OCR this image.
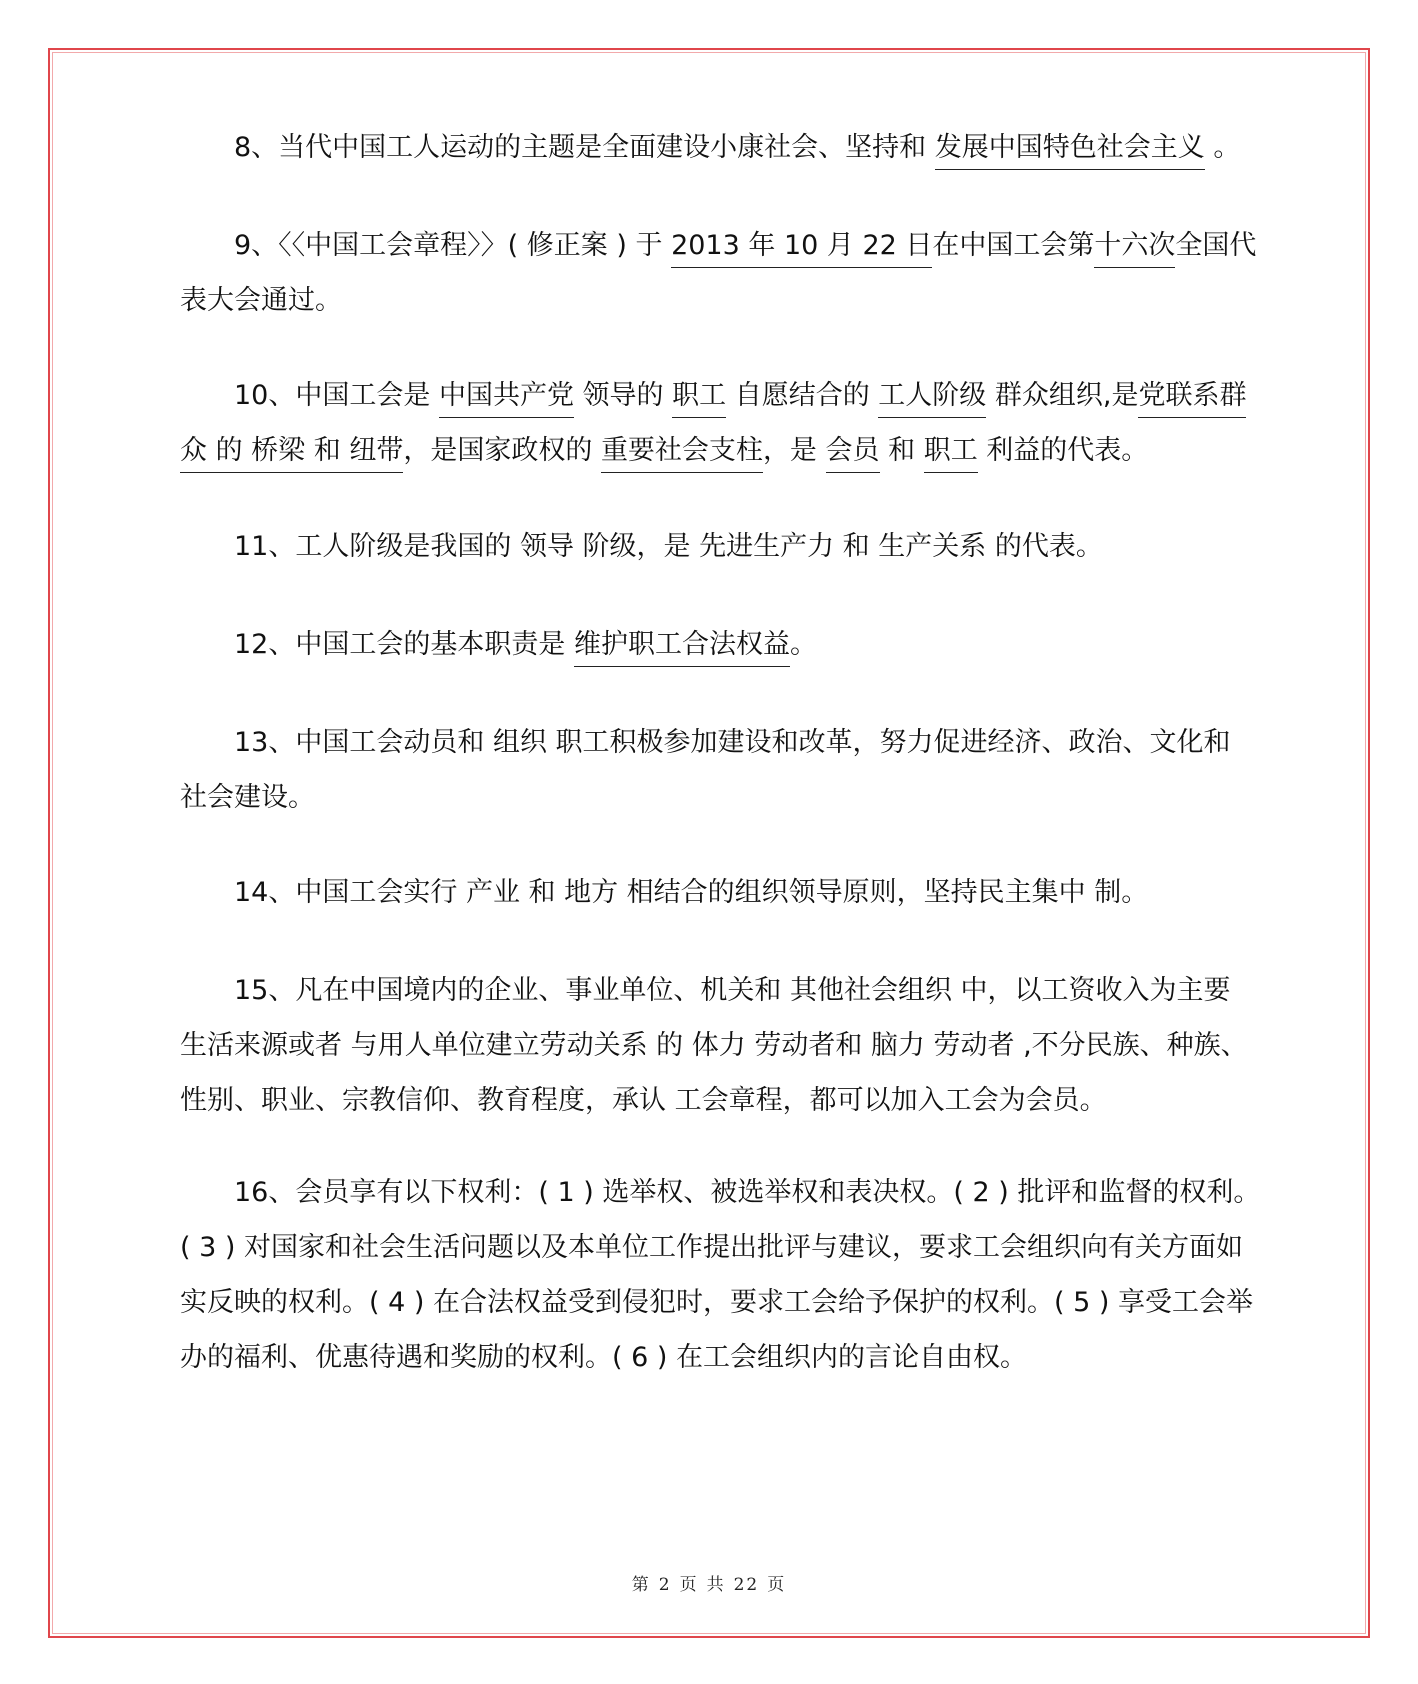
8、当代中国工人运动的主题是全面建设小康社会、坚持和 发展中国特色社会主义 。
9、〈〈中国工会章程〉〉( 修正案 ) 于 2013 年 10 月 22 日在中国工会第十六次全国代
表大会通过。
10、中国工会是 中国共产党 领导的 职工 自愿结合的 工人阶级 群众组织,是党联系群
众 的 桥梁 和 纽带，是国家政权的 重要社会支柱，是 会员 和 职工 利益的代表。
11、工人阶级是我国的 领导 阶级，是 先进生产力 和 生产关系 的代表。
12、中国工会的基本职责是 维护职工合法权益。
13、中国工会动员和 组织 职工积极参加建设和改革，努力促进经济、政治、文化和
社会建设。
14、中国工会实行 产业 和 地方 相结合的组织领导原则，坚持民主集中 制。
15、凡在中国境内的企业、事业单位、机关和 其他社会组织 中，以工资收入为主要
生活来源或者 与用人单位建立劳动关系 的 体力 劳动者和 脑力 劳动者 ,不分民族、种族、
性别、职业、宗教信仰、教育程度，承认 工会章程，都可以加入工会为会员。
16、会员享有以下权利：( 1 ) 选举权、被选举权和表决权。( 2 ) 批评和监督的权利。
( 3 ) 对国家和社会生活问题以及本单位工作提出批评与建议，要求工会组织向有关方面如
实反映的权利。( 4 ) 在合法权益受到侵犯时，要求工会给予保护的权利。( 5 ) 享受工会举
办的福利、优惠待遇和奖励的权利。( 6 ) 在工会组织内的言论自由权。
第 2 页 共 22 页
